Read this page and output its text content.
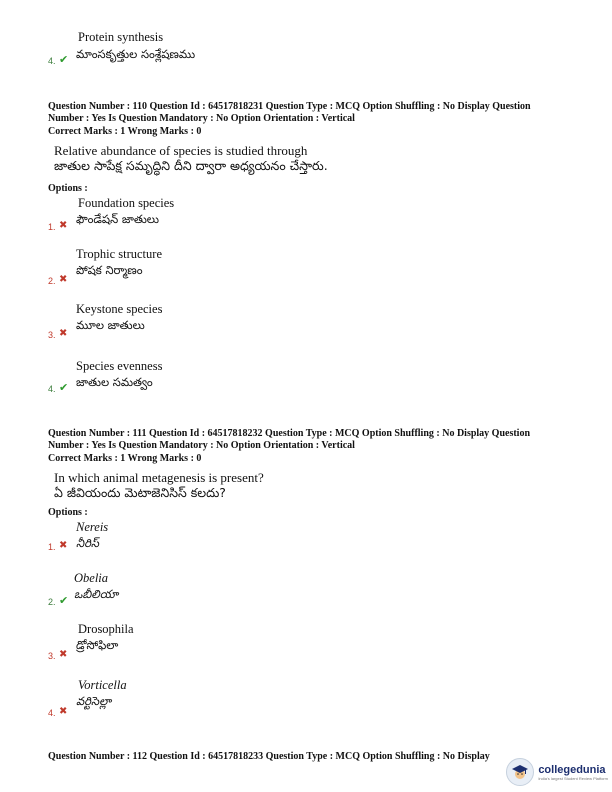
Protein synthesis
4. ✔ మాంసకృత్తుల సంశ్లేషణము
Question Number : 110 Question Id : 64517818231 Question Type : MCQ Option Shuffling : No Display Question
Number : Yes Is Question Mandatory : No Option Orientation : Vertical
Correct Marks : 1 Wrong Marks : 0
Relative abundance of species is studied through
జాతుల సాపేక్ష సమృద్ధిని దీని ద్వారా అధ్యయనం చేస్తారు.
Options :
Foundation species
ఫౌండేషన్ జాతులు
1. ✖
Trophic structure
పోషక నిర్మాణం
2. ✖
Keystone species
మూల జాతులు
3. ✖
Species evenness
జాతుల సమత్వం
4. ✔
Question Number : 111 Question Id : 64517818232 Question Type : MCQ Option Shuffling : No Display Question
Number : Yes Is Question Mandatory : No Option Orientation : Vertical
Correct Marks : 1 Wrong Marks : 0
In which animal metagenesis is present?
ఏ జీవియందు మెటాజెనిసిస్ కలదు?
Options :
Nereis
నీరిస్
1. ✖
Obelia
ఒబీలియా
2. ✔
Drosophila
డ్రోసోఫిలా
3. ✖
Vorticella
వర్టిసెల్లా
4. ✖
Question Number : 112 Question Id : 64517818233 Question Type : MCQ Option Shuffling : No Display
collegedunia
India's largest Student Review Platform
